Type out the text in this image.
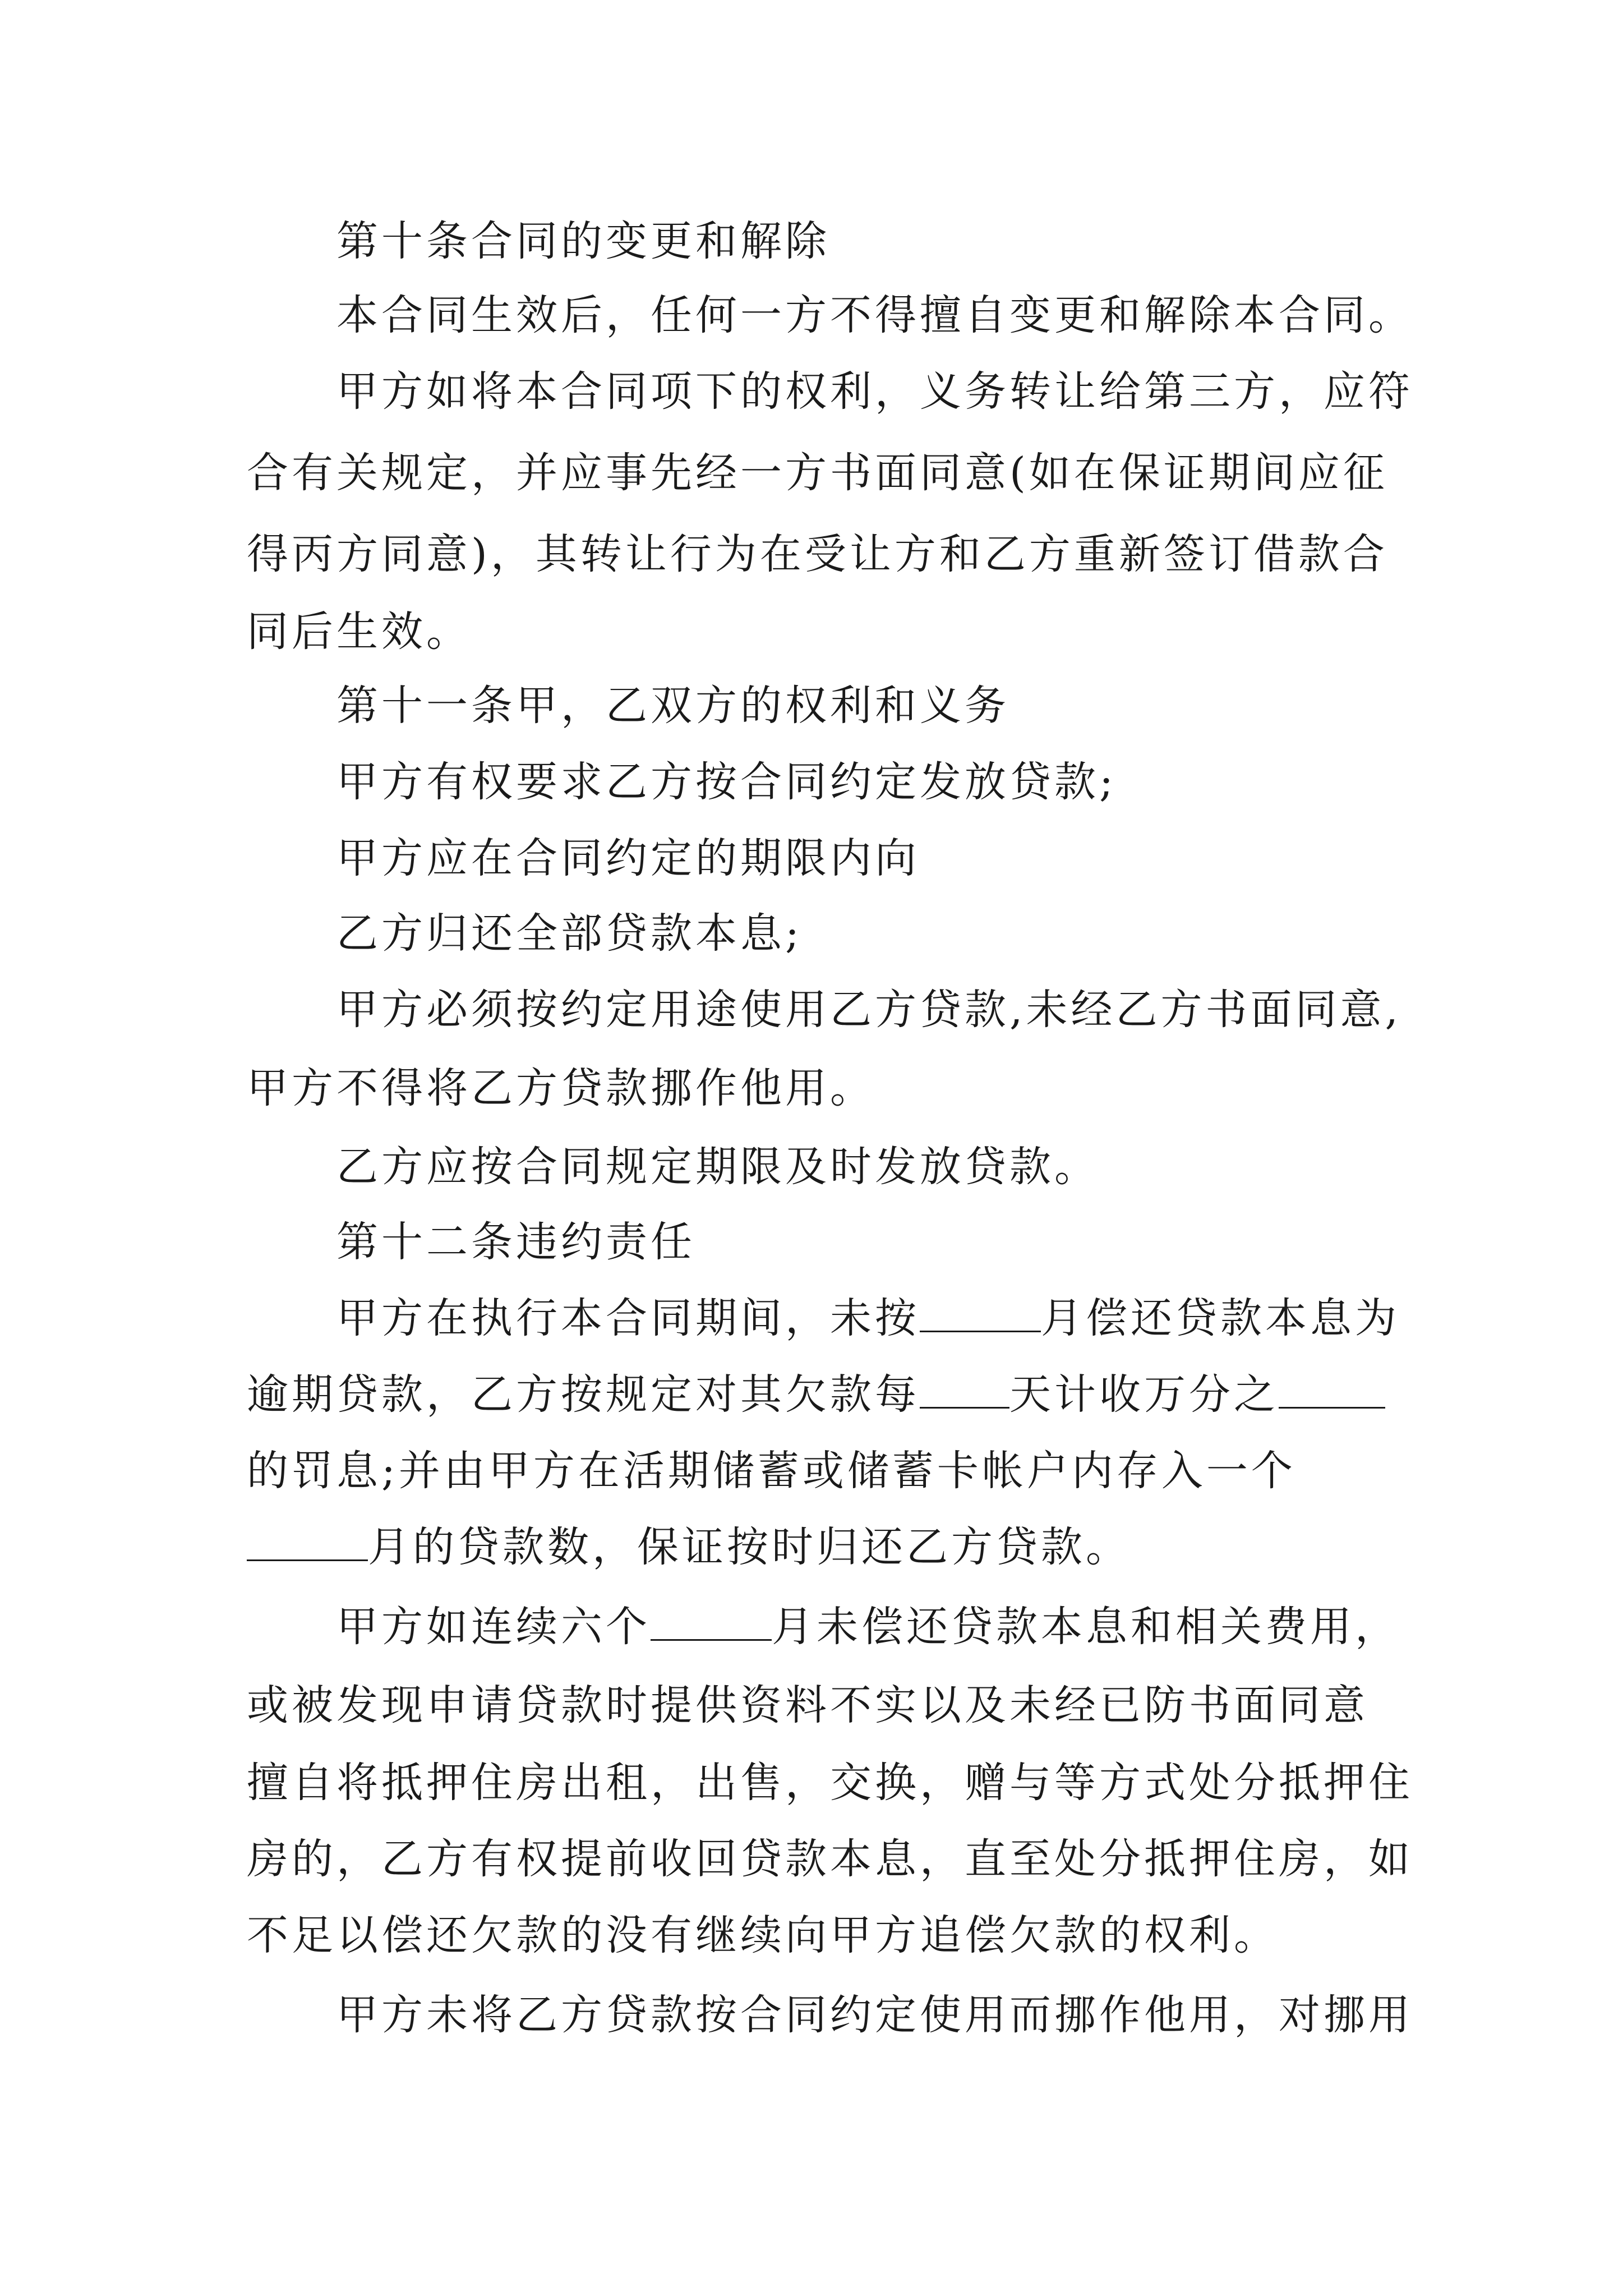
第十条合同的变更和解除

本合同生效后，任何一方不得擅自变更和解除本合同。

甲方如将本合同项下的权利，义务转让给第三方，应符

合有关规定，并应事先经一方书面同意(如在保证期间应征

得丙方同意)，其转让行为在受让方和乙方重新签订借款合

同后生效。

第十一条甲，乙双方的权利和义务

甲方有权要求乙方按合同约定发放贷款;

甲方应在合同约定的期限内向

乙方归还全部贷款本息;

甲方必须按约定用途使用乙方贷款,未经乙方书面同意,

甲方不得将乙方贷款挪作他用。

乙方应按合同规定期限及时发放贷款。

第十二条违约责任

甲方在执行本合同期间，未按	月偿还贷款本息为

逾期贷款，乙方按规定对其欠款每 天计收万分之

的罚息;并由甲方在活期储蓄或储蓄卡帐户内存入一个

月的贷款数，保证按时归还乙方贷款。

甲方如连续六个	月未偿还贷款本息和相关费用，

或被发现申请贷款时提供资料不实以及未经已防书面同意

擅自将抵押住房出租，出售，交换，赠与等方式处分抵押住

房的，乙方有权提前收回贷款本息，直至处分抵押住房，如

不足以偿还欠款的没有继续向甲方追偿欠款的权利。

甲方未将乙方贷款按合同约定使用而挪作他用，对挪用
